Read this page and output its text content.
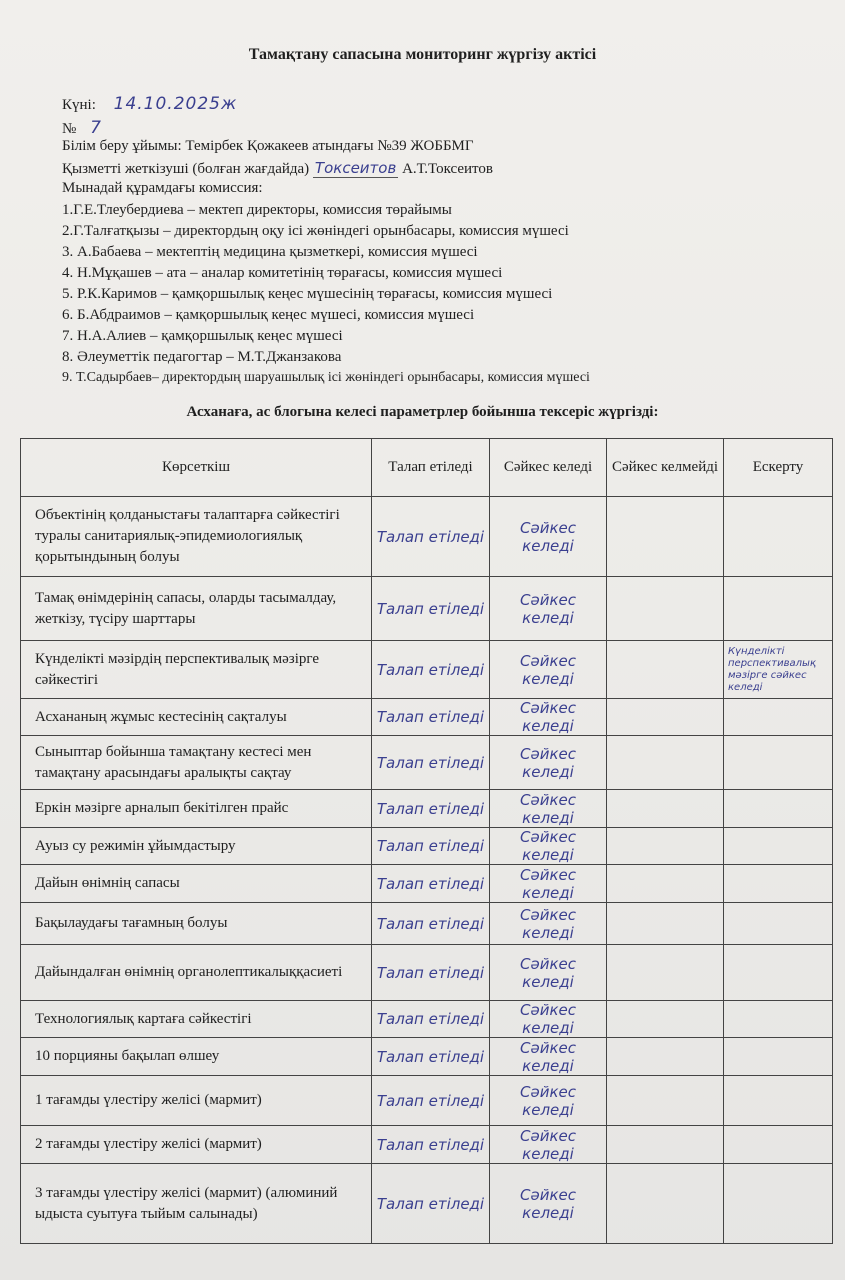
Тамақтану сапасына мониторинг жүргізу актісі
Күні: 14.10.2025ж
№ 7
Білім беру ұйымы: Темірбек Қожакеев атындағы №39 ЖОББМГ
Қызметті жеткізуші (болған жағдайда) Токсеитов А.Т.Токсеитов
Мынадай құрамдағы комиссия:
1.Г.Е.Тлеубердиева – мектеп директоры, комиссия төрайымы
2.Г.Талғатқызы – директордың оқу ісі жөніндегі орынбасары, комиссия мүшесі
3. А.Бабаева – мектептің медицина қызметкері, комиссия мүшесі
4. Н.Мұқашев – ата – аналар комитетінің төрағасы, комиссия мүшесі
5. Р.К.Каримов – қамқоршылық кеңес мүшесінің төрағасы, комиссия мүшесі
6. Б.Абдраимов – қамқоршылық кеңес мүшесі, комиссия мүшесі
7. Н.А.Алиев – қамқоршылық кеңес мүшесі
8. Әлеуметтік педагогтар – М.Т.Джанзакова
9. Т.Садырбаев– директордың шаруашылық ісі жөніндегі орынбасары, комиссия мүшесі
Асханаға, ас блогына келесі параметрлер бойынша тексеріс жүргізді:
Көрсеткіш	Талап етіледі	Сәйкес келеді	Сәйкес келмейді	Ескерту
Объектінің қолданыстағы талаптарға сәйкестігі туралы санитариялық-эпидемиологиялық қорытындының болуы	Талап етіледі	Сәйкес келеді		
Тамақ өнімдерінің сапасы, оларды тасымалдау, жеткізу, түсіру шарттары	Талап етіледі	Сәйкес келеді		
Күнделікті мәзірдің перспективалық мәзірге сәйкестігі	Талап етіледі	Сәйкес келеді		Күнделікті перспективалық мәзірге сәйкес келеді
Асхананың жұмыс кестесінің сақталуы	Талап етіледі	Сәйкес келеді		
Сыныптар бойынша тамақтану кестесі мен тамақтану арасындағы аралықты сақтау	Талап етіледі	Сәйкес келеді		
Еркін мәзірге арналып бекітілген прайс	Талап етіледі	Сәйкес келеді		
Ауыз су режимін ұйымдастыру	Талап етіледі	Сәйкес келеді		
Дайын өнімнің сапасы	Талап етіледі	Сәйкес келеді		
Бақылаудағы тағамның болуы	Талап етіледі	Сәйкес келеді		
Дайындалған өнімнің органолептикалыққасиеті	Талап етіледі	Сәйкес келеді		
Технологиялық картаға сәйкестігі	Талап етіледі	Сәйкес келеді		
10 порцияны бақылап өлшеу	Талап етіледі	Сәйкес келеді		
1 тағамды үлестіру желісі (мармит)	Талап етіледі	Сәйкес келеді		
2 тағамды үлестіру желісі (мармит)	Талап етіледі	Сәйкес келеді		
3 тағамды үлестіру желісі (мармит) (алюминий ыдыста суытуға тыйым салынады)	Талап етіледі	Сәйкес келеді		
